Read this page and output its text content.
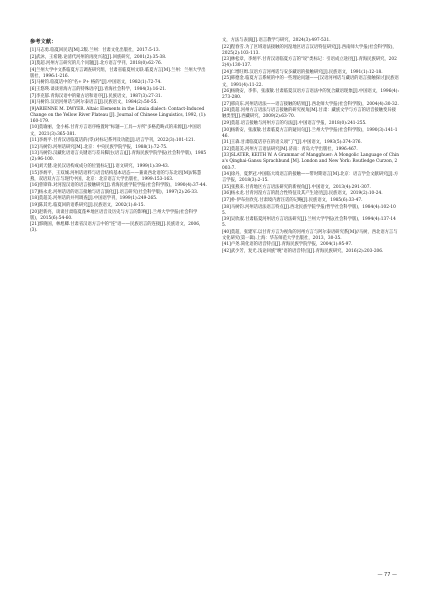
参考文献：

[1]马志勇.临夏回民话[M].2版.兰州：甘肃文化出版社，2017:5-13.

[2]武沐，王希隆.论清代河州的再度兴起[J].回族研究，2001(2):35-38.

[3]莫超.河州方言研究的几个问题[J].北方语言学刊，2018(0):62-76.

[4]兰州大学中文系临夏方言调查研究组，甘肃省临夏州文联.临夏方言[M].兰州：兰州大学出版社，1996:1-216.

[5]马树钧.临夏话中的"名+ P+ 格的"[J].中国语文，1982(1):72-74.

[6]王悠瑛.谈谈青海方言的特殊语序[J].青海社会科学，1984(3):16-21.

[7]李克郁.青海汉语中的蒙古语和语序[J].民族语文，1987(3):27-31.

[8]马树钧.汉语河州话与阿尔泰语言[J].民族语文，1984(2):50-55.

[9]ARIENNE M. DWYER. Altaic Elements in the Linxia dialect: Contact-Induced Change on the Yellow River Plateau [J]. Journal of Chinese Linguistics, 1992, (1):160-179.

[10]莫瑜丽，金小栋.甘青方言语序格置时"标题—工具—方所"多格范畴式的来源[J].中国语文，2021(3):365-381.

[11]李炳平.甘青汉语临夏话的(零)对标记系列及功能[J].语言学刊，2022(3):101-121.

[12]马树钧.河州话研究[M].北京：中央民族学院学报，1988(1):72-75.

[13]马树钧.汉藏化语语言关键语与差异脚注(语言)[J].青海民族学院学报(社会科学版)，1985(2):96-100.

[14]刘天健.论民汉语构成成分的位置标记[J].语文研究，1999(1):39-43.

[15]李炳平，王双城.河州话语料与语音结构基本语态——兼谈西北语的与东北语[M]//陈慧燕，双语双方言与现代中国，北京：北京语言大学出版社，1999:153-163.

[16]曾锋锋.对河湟汉语的语言接触研究[J].青海民族学院学报(社会科学版)，1990(4):37-44.

[17]杨永龙.河州话语的语言接触与语言演化[J].语言研究(社会科学版)，1997(2):26-33.

[18]莫超美.河州话的并列调查[J].中国语学刊，1999(1):249-265.

[19]陈其光.临夏回的语系研究[J].民族语文，2002(1):8-15.

[20]赵新亮，谈谈甘肃临夏蓬乡地区语音及历史与方言的影响[J].兰州大学学报(社会科学版)，2015(6):54-60.

[21]郭晓国，林旭卿.甘肃省汉语方言中的"连"语——民族语言的连接[J].民族语文，2006，(3).

文，方法与表演[J].语言教学与研究，2024(3):497-531.

[22]程春雪.为了区域语法接触的河湟地区语言汉语特征研究[J].西南师大学报(社会科学版)，2025(2):103-113.

[23]林松章，李炳平.甘青汉语临夏方言的"说"类标记：引语成立途径[J].青海民族研究，2022(4):130-137.

[24]仁增旺姆.汉语方言河州话与安多藏语的接触研究[J].民族语文，1991(1):12-18.

[25]韩德金.临夏方言系统的中的一些理论问题——[汉语河州话与藏语的语言接触探讨]民族语文，1991(4):11-22.

[26]杨晓安，李伟，张淑敏.甘肃临夏汉语方言语法中的复合藏语现象[J].中国语文，1996(4):273-280.

[27]邢向东.河州话语法——语言接触的结果[J].西北师大学报(社会科学版)，2004(4):30-32.

[28]莫超.河州方言语法与语言接触的研究视角[M].甘肃：藏族文学与方言的语音接触变异接触类型[J].西藏研究，2009(2):63-70.

[29]莫超.语言接触与河州方言的句法[J].中国语言学报，2018(0):241-255.

[30]杨新安，张淑敏.甘肃临夏方言的疑问句[J].兰州大学学报(社会科学版)，1990(3):141-146.

[31]王森.甘肃临夏话存在的语义项"了"[J].中国语文，1993(5):374-376.

[32]莫超美.河州方言语法研究[M].济南：青岛大学出版社，1996:467.

[33]SLATER, KEITH W. A Grammar of Mangghuer: A Mongolic Language of China's Qinghai-Gansu Sprachbund [M]. London and New York: Routledge Curzon, 2003:7.

[34]徐丹，夏梦冠.中国临大境语言的接触——带时期语言[M].北京：语言学会文献研究[J].方言学报，2018(3):2-15.

[35]张燕来.甘青地区方言语法研究的新视角[J].中国语文，2013(4):291-307.

[36]杨永龙.甘青河湟方言的混合性特征及其产生途径[J].民族语文，2019(2):10-24.

[37]朴·伊布拉欣克.甘肃境内唐汪话的记略[J].民族语文，1985(6):33-47.

[38]马树钧.河州话语法语言特点[J].西北民族学院学报(哲学社会科学版)，1984(4):102-105.

[39]吴欣淑.甘肃临夏河州语方言语法研究[J].兰州大学学报(社会科学版)，1994(4):137-145.

[40]莫超，张建军.以甘青方言为视角的河州方言与阿尔泰语研究系[M]//马树，西北语方言与文化研究(第一辑).上海：华东师范大学出版社，2013，30-35.

[41]卢尧.简化语的语音特点[J].青海民族学院学报，2004(1):95-97.

[42]武少芳，复光.浅论回族"晚"语的语音特点[J].青海民族研究，2016(2):203-206.

— 77 —
